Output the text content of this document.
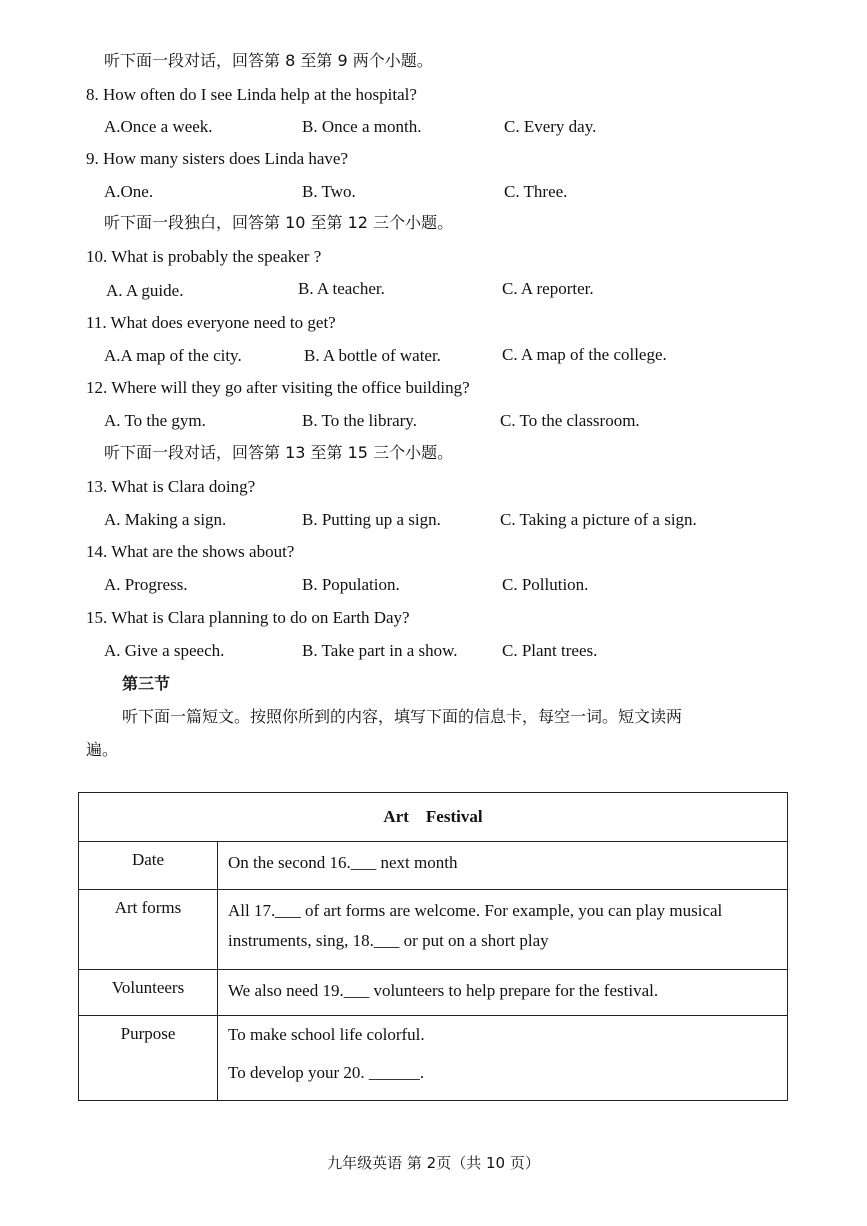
听下面一段对话，回答第 8 至第 9 两个小题。
8. How often do I see Linda help at the hospital?
A.Once a week.	B. Once a month.	C. Every day.
9. How many sisters does Linda have?
A.One.	B. Two.	C. Three.
听下面一段独白，回答第 10 至第 12 三个小题。
10. What is probably the speaker ?
A. A guide.	B. A teacher.	C. A reporter.
11. What does everyone need to get?
A.A map of the city.	B. A bottle of water.	C. A map of the college.
12. Where will they go after visiting the office building?
A. To the gym.	B. To the library.	C. To the classroom.
听下面一段对话，回答第 13 至第 15 三个小题。
13. What is Clara doing?
A. Making a sign.	B. Putting up a sign.	C. Taking a picture of a sign.
14. What are the shows about?
A. Progress.	B. Population.	C. Pollution.
15. What is Clara planning to do on Earth Day?
A. Give a speech.	B. Take part in a show.	C. Plant trees.
第三节
听下面一篇短文。按照你所到的内容，填写下面的信息卡，每空一词。短文读两
遍。
Art    Festival	
Date	On the second 16.___ next month

Art forms	All 17.___ of art forms are welcome. For example, you can play musical
instruments, sing, 18.___ or put on a short play

Volunteers	We also need 19.___ volunteers to help prepare for the festival.

Purpose	To make school life colorful.
To develop your 20. ______.
九年级英语 第 2页（共 10 页）
